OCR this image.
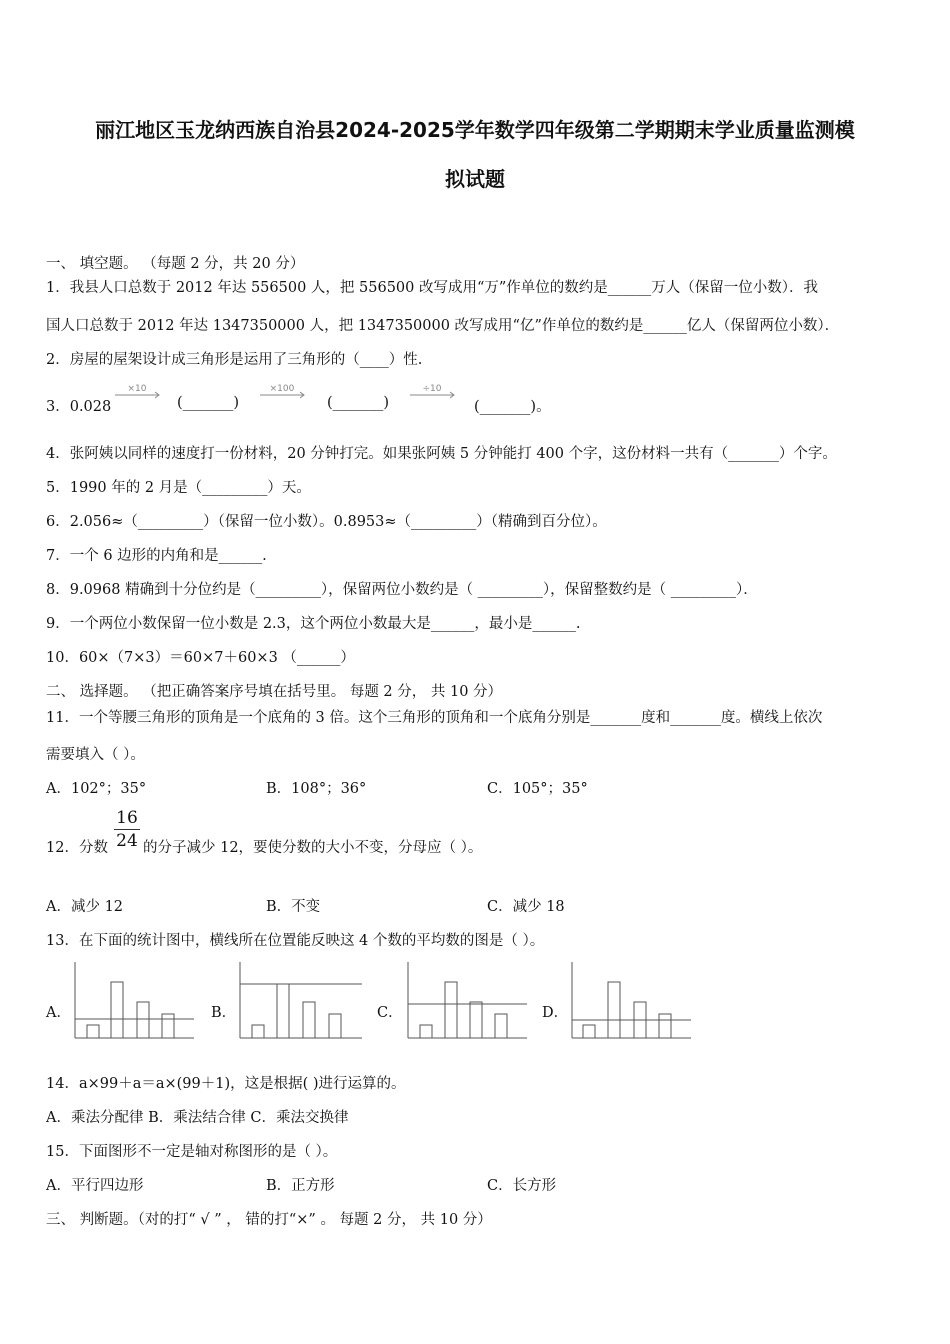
丽江地区玉龙纳西族自治县2024-2025学年数学四年级第二学期期末学业质量监测模
拟试题
一、 填空题。 （每题 2 分，共 20 分）
1．我县人口总数于 2012 年达 556500 人，把 556500 改写成用“万”作单位的数约是______万人（保留一位小数）．我
国人口总数于 2012 年达 1347350000 人，把 1347350000 改写成用“亿”作单位的数约是______亿人（保留两位小数）．
2．房屋的屋架设计成三角形是运用了三角形的（____）性.
3．0.028
×10
(_______)
×100
(_______)
÷10
(_______)。
4．张阿姨以同样的速度打一份材料，20 分钟打完。如果张阿姨 5 分钟能打 400 个字，这份材料一共有（_______）个字。
5．1990 年的 2 月是（_________）天。
6．2.056≈（_________）（保留一位小数）。0.8953≈（_________）（精确到百分位）。
7．一个 6 边形的内角和是______.
8．9.0968 精确到十分位约是（_________），保留两位小数约是（ _________），保留整数约是（ _________）．
9．一个两位小数保留一位小数是 2.3，这个两位小数最大是______，最小是______.
10．60×（7×3）＝60×7＋60×3 （______）
二、 选择题。 （把正确答案序号填在括号里。 每题 2 分， 共 10 分）
11．一个等腰三角形的顶角是一个底角的 3 倍。这个三角形的顶角和一个底角分别是_______度和_______度。横线上依次
需要填入（ ）。
A．102°；35°	B．108°；36°	C．105°；35°
12．分数
16
24 的分子减少 12，要使分数的大小不变，分母应（ ）。
A．减少 12	B．不变	C．减少 18
13．在下面的统计图中，横线所在位置能反映这 4 个数的平均数的图是（ ）。
A．	B．	C．	D．
14．a×99＋a＝a×(99＋1)，这是根据( )进行运算的。
A．乘法分配律 B．乘法结合律 C．乘法交换律
15．下面图形不一定是轴对称图形的是（ ）。
A．平行四边形	B．正方形	C．长方形
三、 判断题。（对的打“ √ ” ， 错的打“×” 。 每题 2 分， 共 10 分）
